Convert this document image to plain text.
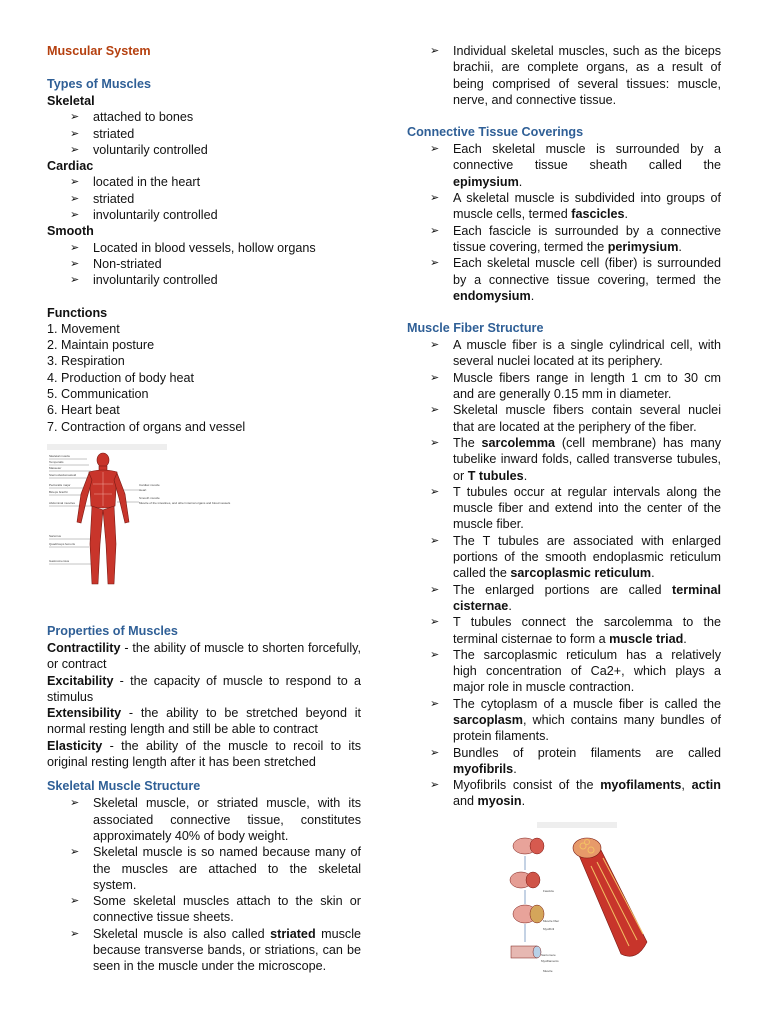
Muscular System
Types of Muscles
Skeletal
➢ attached to bones
➢ striated
➢ voluntarily controlled
Cardiac
➢ located in the heart
➢ striated
➢ involuntarily controlled
Smooth
➢ Located in blood vessels, hollow organs
➢ Non-striated
➢ involuntarily controlled
Functions
1. Movement
2. Maintain posture
3. Respiration
4. Production of body heat
5. Communication
6. Heart beat
7. Contraction of organs and vessel
Properties of Muscles
Contractility - the ability of muscle to shorten forcefully, or contract
Excitability - the capacity of muscle to respond to a stimulus
Extensibility - the ability to be stretched beyond it normal resting length and still be able to contract
Elasticity - the ability of the muscle to recoil to its original resting length after it has been stretched
Skeletal Muscle Structure
➢ Skeletal muscle, or striated muscle, with its associated connective tissue, constitutes approximately 40% of body weight.
➢ Skeletal muscle is so named because many of the muscles are attached to the skeletal system.
➢ Some skeletal muscles attach to the skin or connective tissue sheets.
➢ Skeletal muscle is also called striated muscle because transverse bands, or striations, can be seen in the muscle under the microscope.
➢ Individual skeletal muscles, such as the biceps brachii, are complete organs, as a result of being comprised of several tissues: muscle, nerve, and connective tissue.
Connective Tissue Coverings
➢ Each skeletal muscle is surrounded by a connective tissue sheath called the epimysium.
➢ A skeletal muscle is subdivided into groups of muscle cells, termed fascicles.
➢ Each fascicle is surrounded by a connective tissue covering, termed the perimysium.
➢ Each skeletal muscle cell (fiber) is surrounded by a connective tissue covering, termed the endomysium.
Muscle Fiber Structure
➢ A muscle fiber is a single cylindrical cell, with several nuclei located at its periphery.
➢ Muscle fibers range in length 1 cm to 30 cm and are generally 0.15 mm in diameter.
➢ Skeletal muscle fibers contain several nuclei that are located at the periphery of the fiber.
➢ The sarcolemma (cell membrane) has many tubelike inward folds, called transverse tubules, or T tubules.
➢ T tubules occur at regular intervals along the muscle fiber and extend into the center of the muscle fiber.
➢ The T tubules are associated with enlarged portions of the smooth endoplasmic reticulum called the sarcoplasmic reticulum.
➢ The enlarged portions are called terminal cisternae.
➢ T tubules connect the sarcolemma to the terminal cisternae to form a muscle triad.
➢ The sarcoplasmic reticulum has a relatively high concentration of Ca2+, which plays a major role in muscle contraction.
➢ The cytoplasm of a muscle fiber is called the sarcoplasm, which contains many bundles of protein filaments.
➢ Bundles of protein filaments are called myofibrils.
➢ Myofibrils consist of the myofilaments, actin and myosin.
Skeletal muscle
Temporalis
Masseter
Sternocleidomastoid
Pectoralis major
Biceps brachii
Abdominal muscles
Sartorius
Quadriceps femoris
Gastrocnemius
Cardiac muscle
Heart
Smooth muscle
Muscle of the intestines, and other internal organs and blood vessels
Muscle
Fascicle
Muscle fiber
Myofibril
Sarcomere
Myofilaments
